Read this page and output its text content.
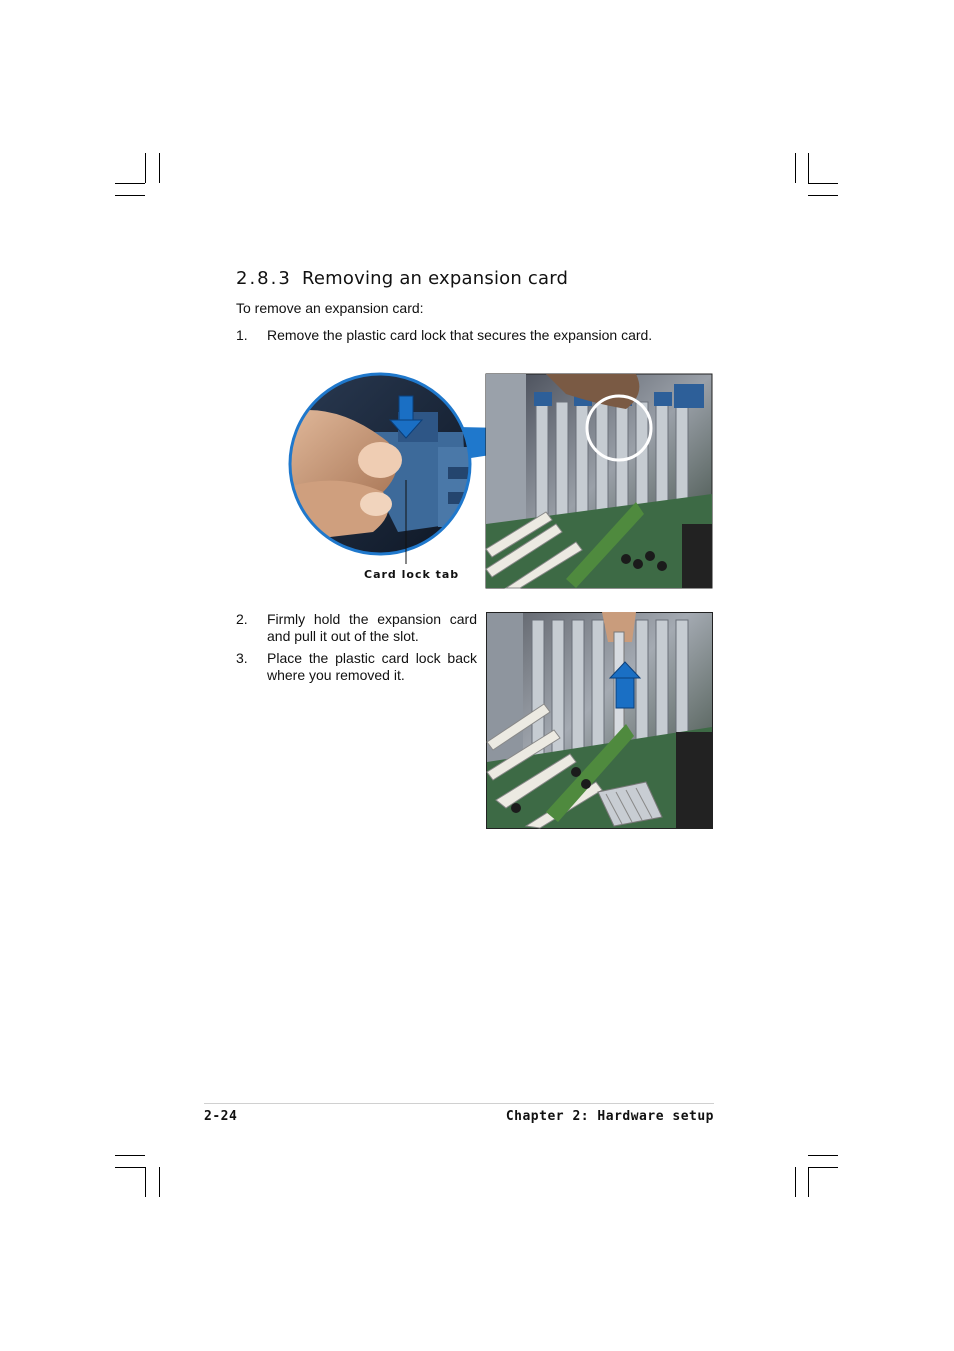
2.8.3 Removing an expansion card
To remove an expansion card:
1.	Remove the plastic card lock that secures the expansion card.
Card lock tab
2.	Firmly hold the expansion card and pull it out of the slot.
3.	Place the plastic card lock back where you removed it.
2-24	Chapter 2: Hardware setup
